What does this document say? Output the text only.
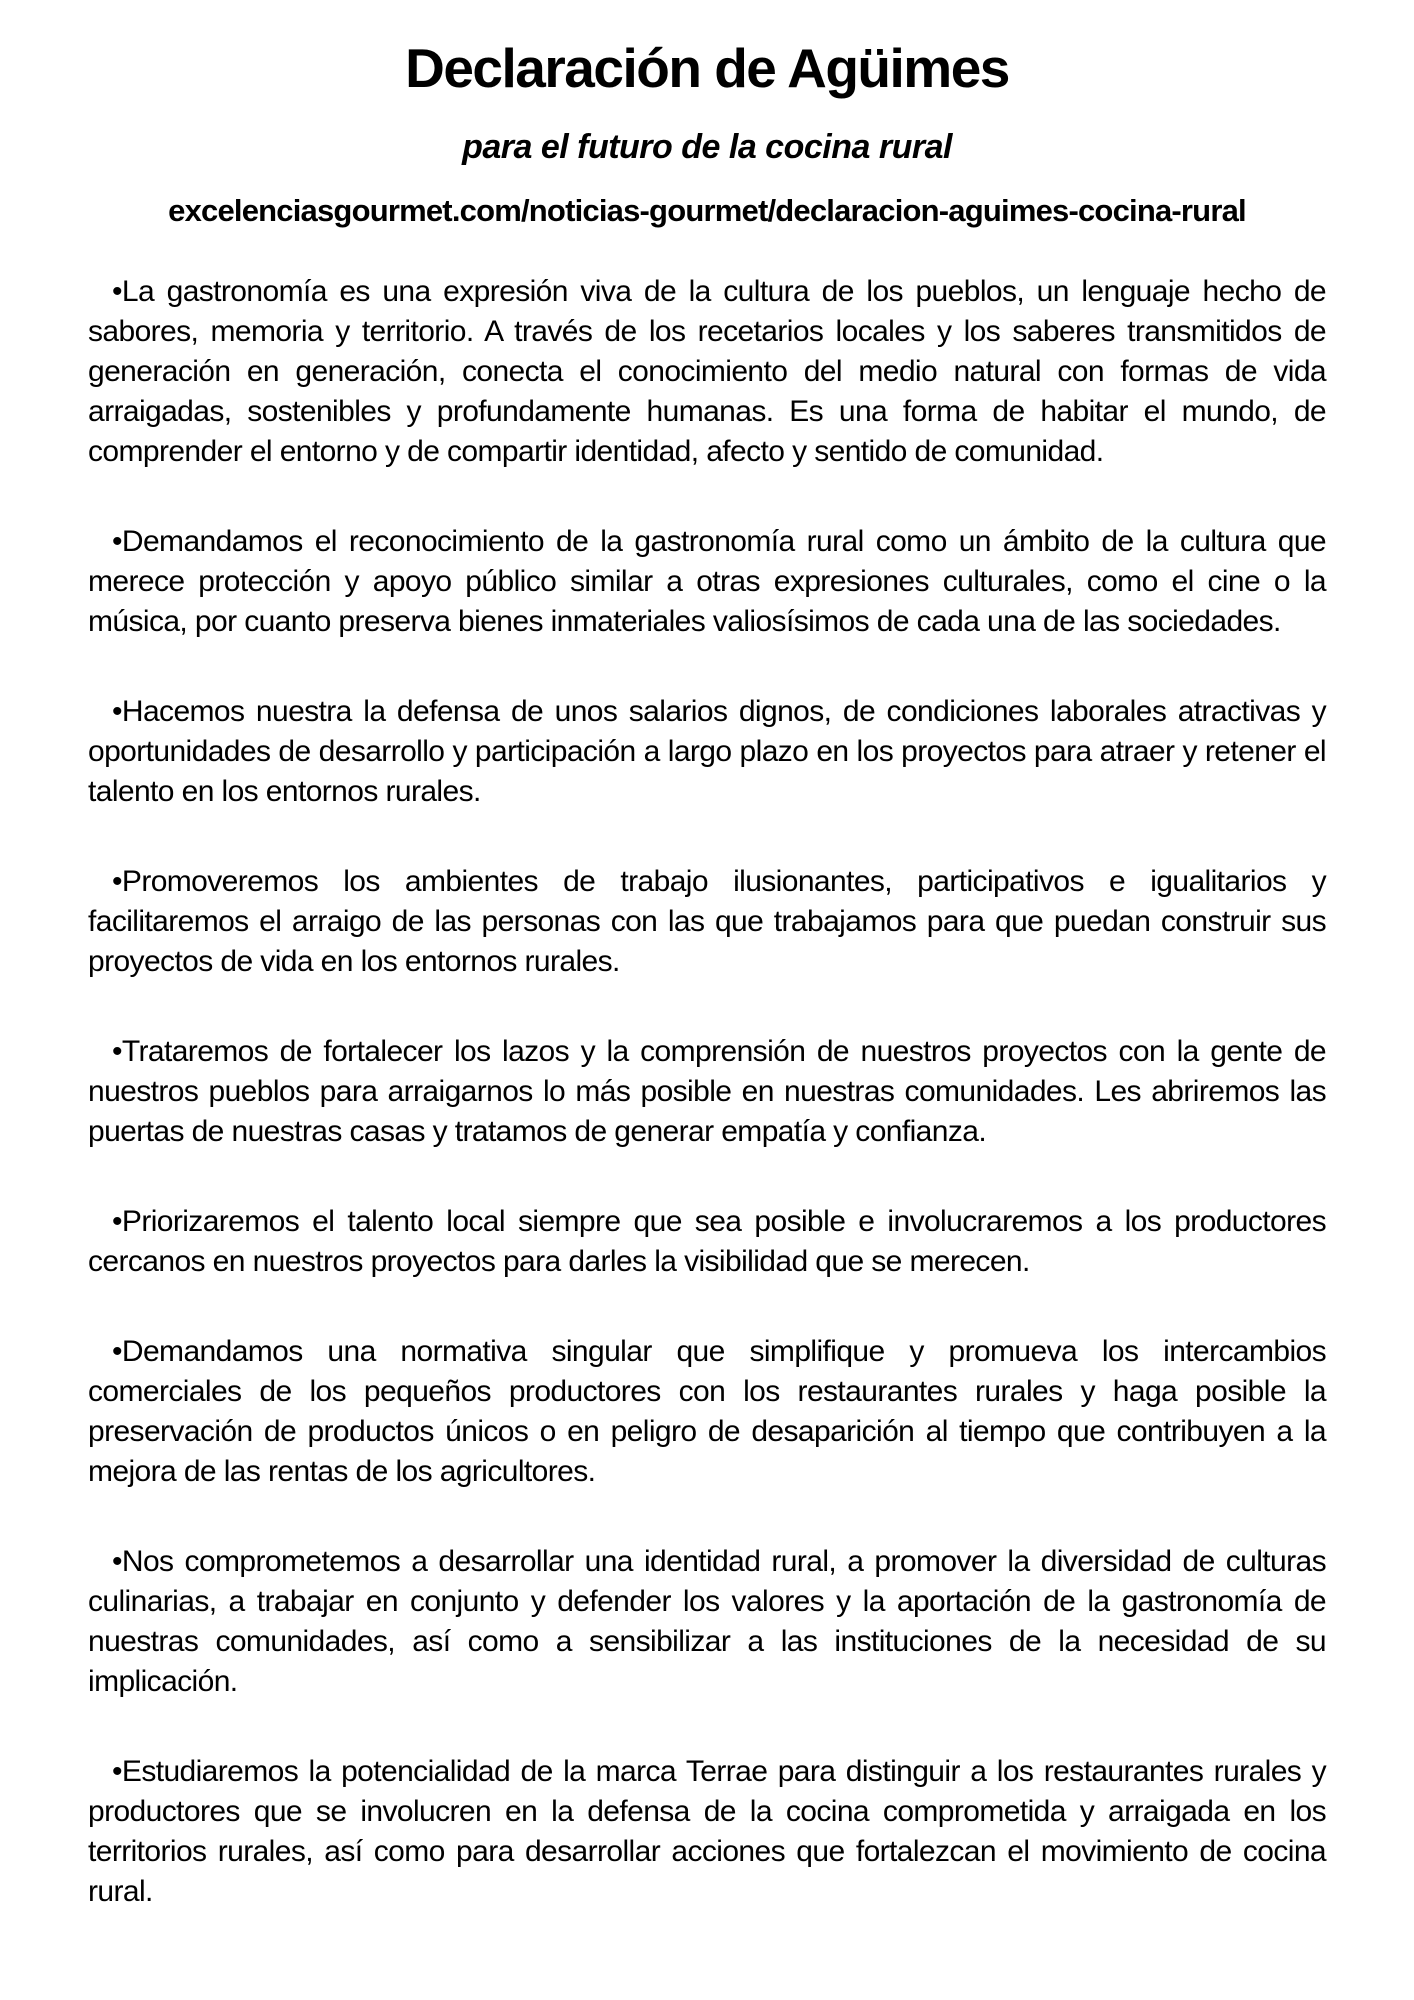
Declaración de Agüimes
para el futuro de la cocina rural
excelenciasgourmet.com/noticias-gourmet/declaracion-aguimes-cocina-rural

•La gastronomía es una expresión viva de la cultura de los pueblos, un lenguaje hecho de sabores, memoria y territorio. A través de los recetarios locales y los saberes transmitidos de generación en generación, conecta el conocimiento del medio natural con formas de vida arraigadas, sostenibles y profundamente humanas. Es una forma de habitar el mundo, de comprender el entorno y de compartir identidad, afecto y sentido de comunidad.

•Demandamos el reconocimiento de la gastronomía rural como un ámbito de la cultura que merece protección y apoyo público similar a otras expresiones culturales, como el cine o la música, por cuanto preserva bienes inmateriales valiosísimos de cada una de las sociedades.

•Hacemos nuestra la defensa de unos salarios dignos, de condiciones laborales atractivas y oportunidades de desarrollo y participación a largo plazo en los proyectos para atraer y retener el talento en los entornos rurales.

•Promoveremos los ambientes de trabajo ilusionantes, participativos e igualitarios y facilitaremos el arraigo de las personas con las que trabajamos para que puedan construir sus proyectos de vida en los entornos rurales.

•Trataremos de fortalecer los lazos y la comprensión de nuestros proyectos con la gente de nuestros pueblos para arraigarnos lo más posible en nuestras comunidades. Les abriremos las puertas de nuestras casas y tratamos de generar empatía y confianza.

•Priorizaremos el talento local siempre que sea posible e involucraremos a los productores cercanos en nuestros proyectos para darles la visibilidad que se merecen.

•Demandamos una normativa singular que simplifique y promueva los intercambios comerciales de los pequeños productores con los restaurantes rurales y haga posible la preservación de productos únicos o en peligro de desaparición al tiempo que contribuyen a la mejora de las rentas de los agricultores.

•Nos comprometemos a desarrollar una identidad rural, a promover la diversidad de culturas culinarias, a trabajar en conjunto y defender los valores y la aportación de la gastronomía de nuestras comunidades, así como a sensibilizar a las instituciones de la necesidad de su implicación.

•Estudiaremos la potencialidad de la marca Terrae para distinguir a los restaurantes rurales y productores que se involucren en la defensa de la cocina comprometida y arraigada en los territorios rurales, así como para desarrollar acciones que fortalezcan el movimiento de cocina rural.
